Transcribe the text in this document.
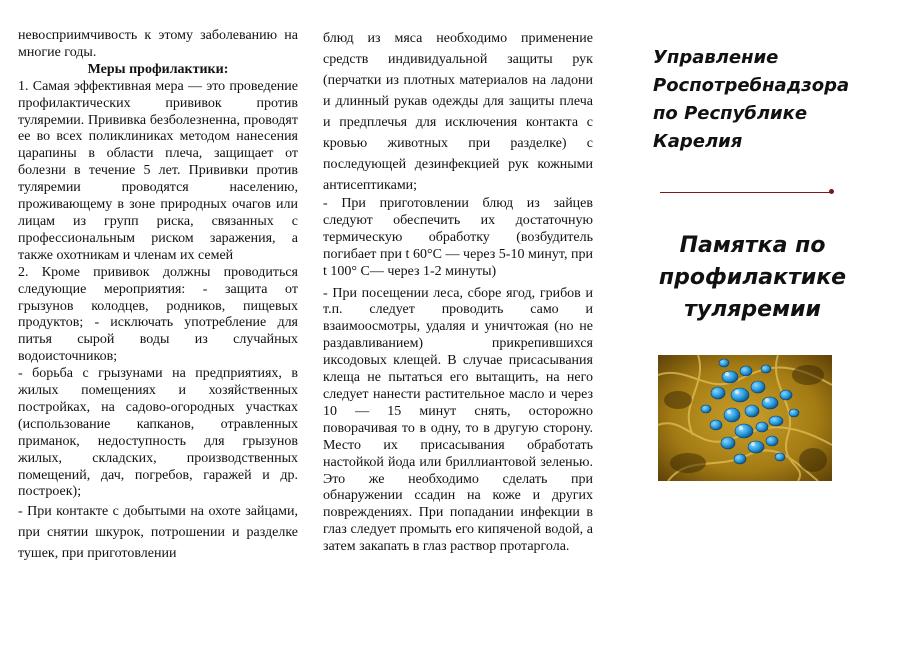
невосприимчивость к этому заболеванию на многие годы.

Меры профилактики:

1. Самая эффективная мера — это проведение профилактических прививок против туляремии. Прививка безболезненна, проводят ее во всех поликлиниках методом нанесения царапины в области плеча, защищает от болезни в течение 5 лет. Прививки против туляремии проводятся населению, проживающему в зоне природных очагов или лицам из групп риска, связанных с профессиональным риском заражения, а также охотникам и членам их семей

2. Кроме прививок должны проводиться следующие мероприятия: - защита от грызунов колодцев, родников, пищевых продуктов; - исключать употребление для питья сырой воды из случайных водоисточников;

- борьба с грызунами на предприятиях, в жилых помещениях и хозяйственных постройках, на садово-огородных участках (использование капканов, отравленных приманок, недоступность для грызунов жилых, складских, производственных помещений, дач, погребов, гаражей и др. построек);

- При контакте с добытыми на охоте зайцами, при снятии шкурок, потрошении и разделке тушек, при приготовлении

блюд из мяса необходимо применение средств индивидуальной защиты рук (перчатки из плотных материалов на ладони и длинный рукав одежды для защиты плеча и предплечья для исключения контакта с кровью животных при разделке) с последующей дезинфекцией рук кожными антисептиками;

- При приготовлении блюд из зайцев следуют обеспечить их достаточную термическую обработку (возбудитель погибает при t 60°С — через 5-10 минут, при t 100° С— через 1-2 минуты)

- При посещении леса, сборе ягод, грибов и т.п. следует проводить само и взаимоосмотры, удаляя и уничтожая (но не раздавливанием) прикрепившихся иксодовых клещей. В случае присасывания клеща не пытаться его вытащить, на него следует нанести растительное масло и через 10 — 15 минут снять, осторожно поворачивая то в одну, то в другую сторону. Место их присасывания обработать настойкой йода или бриллиантовой зеленью. Это же необходимо сделать при обнаружении ссадин на коже и других повреждениях. При попадании инфекции в глаз следует промыть его кипяченой водой, а затем закапать в глаз раствор протаргола.

Управление
Роспотребнадзора
по Республике
Карелия
Памятка по
профилактике
туляремии
